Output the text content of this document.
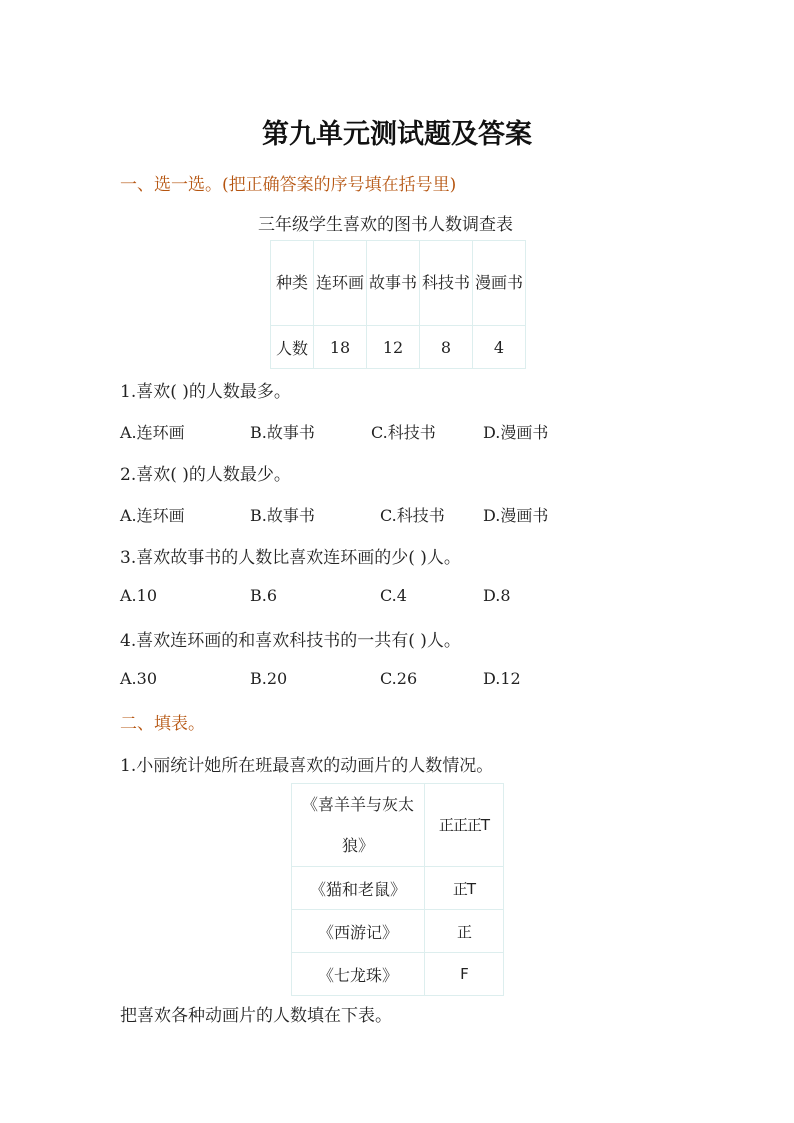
第九单元测试题及答案
一、选一选。(把正确答案的序号填在括号里)
三年级学生喜欢的图书人数调查表
种类	连环画	故事书	科技书	漫画书
人数	18	12	8	4
1.喜欢( )的人数最多。
A.连环画	B.故事书	C.科技书	D.漫画书
2.喜欢( )的人数最少。
A.连环画	B.故事书	C.科技书 D.漫画书
3.喜欢故事书的人数比喜欢连环画的少( )人。
A.10	B.6	C.4	D.8
4.喜欢连环画的和喜欢科技书的一共有( )人。
A.30	B.20	C.26	D.12
二、填表。
1.小丽统计她所在班最喜欢的动画片的人数情况。
《喜羊羊与灰太狼》	正正正T
《猫和老鼠》	正T
《西游记》	正
《七龙珠》	F
把喜欢各种动画片的人数填在下表。
